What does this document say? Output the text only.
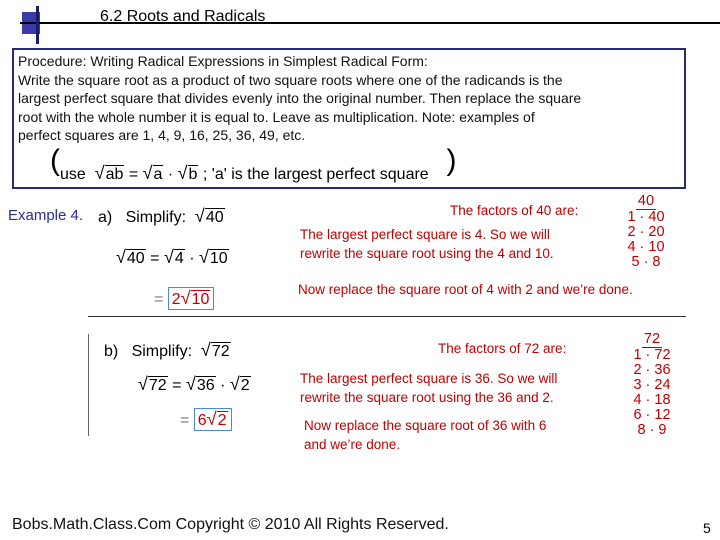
6.2 Roots and Radicals
Procedure: Writing Radical Expressions in Simplest Radical Form:
Write the square root as a product of two square roots where one of the radicands is the
largest perfect square that divides evenly into the original number. Then replace the square
root with the whole number it is equal to. Leave as multiplication. Note: examples of
perfect squares are 1, 4, 9, 16, 25, 36, 49, etc.
(use √ab = √a · √b ; 'a' is the largest perfect square )
Example 4. a) Simplify: √40
√40 = √4 · √10
= 2√10
The factors of 40 are:
The largest perfect square is 4. So we will
rewrite the square root using the 4 and 10.
Now replace the square root of 4 with 2 and we’re done.
40
1 · 40
2 · 20
4 · 10
5 · 8
b) Simplify: √72
√72 = √36 · √2
= 6√2
The factors of 72 are:
The largest perfect square is 36. So we will
rewrite the square root using the 36 and 2.
Now replace the square root of 36 with 6
and we’re done.
72
1 · 72
2 · 36
3 · 24
4 · 18
6 · 12
8 · 9
Bobs.Math.Class.Com Copyright © 2010 All Rights Reserved.	5
